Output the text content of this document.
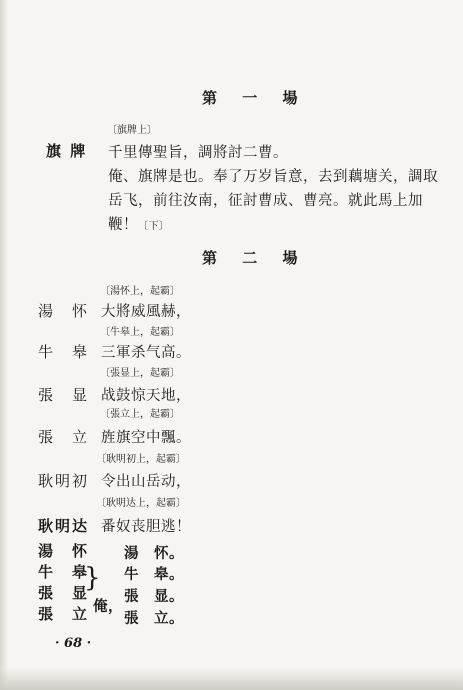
第 一 場
〔旗牌上〕
旗 牌 千里傳聖旨，調將討二曹。
俺、旗牌是也。奉了万岁旨意，去到藕塘关，調取
岳飞，前往汝南，征討曹成、曹亮。就此馬上加
鞭！〔下〕
第 二 場
〔湯怀上，起霸〕
湯　怀 大將威風赫，
〔牛皋上，起霸〕
牛　皋 三軍杀气高。
〔張显上，起霸〕
張　显 战鼓惊天地，
〔張立上，起霸〕
張　立 旌旗空中飄。
〔耿明初上，起霸〕
耿明初 令出山岳动，
〔耿明达上，起霸〕
耿明达 番奴丧胆逃！
湯　怀
牛　皋
張　显
張　立
}
俺，
湯　怀。
牛　皋。
張　显。
張　立。
· 68 ·
